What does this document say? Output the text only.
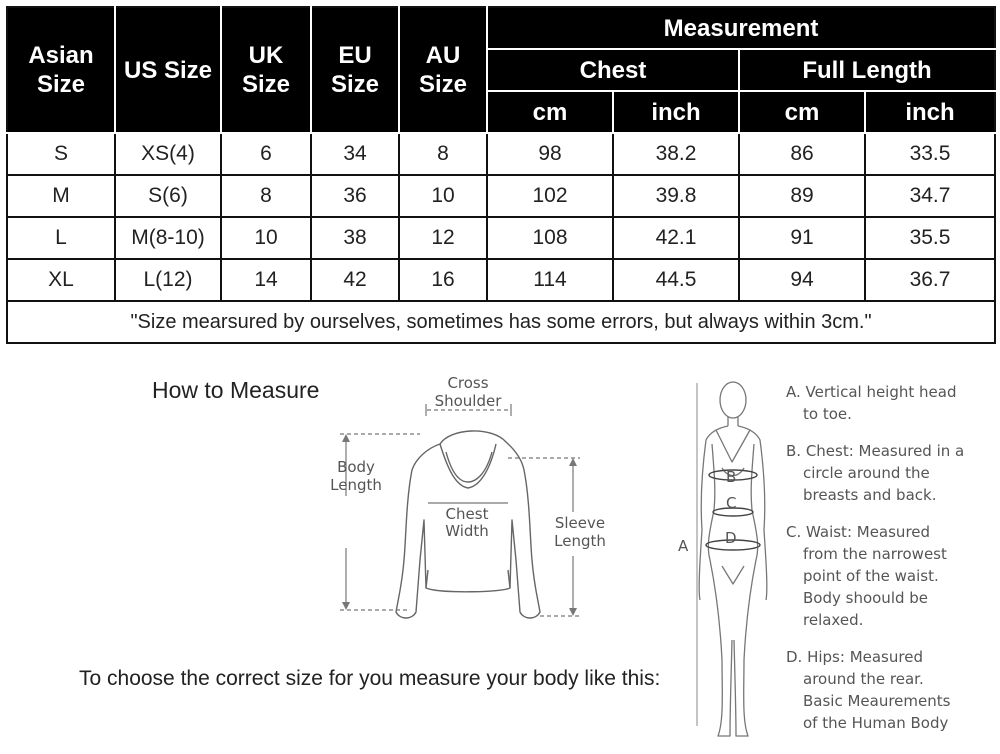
Asian Size	US Size	UK Size	EU Size	AU Size	Measurement			
					Chest		Full Length	
					cm	inch	cm	inch
S	XS(4)	6	34	8	98	38.2	86	33.5
M	S(6)	8	36	10	102	39.8	89	34.7
L	M(8-10)	10	38	12	108	42.1	91	35.5
XL	L(12)	14	42	16	114	44.5	94	36.7
"Size mearsured by ourselves, sometimes has some errors, but always within 3cm."								
How to Measure
B
C
D
A
Cross
Shoulder
Body
Length
Chest
Width	Sleeve
Length
To choose the correct size for you measure your body like this:
A. Vertical height head
to toe.
B. Chest: Measured in a
circle around the
breasts and back.
C. Waist: Measured
from the narrowest
point of the waist.
Body shoould be
relaxed.
D. Hips: Measured
around the rear.
Basic Meaurements
of the Human Body
